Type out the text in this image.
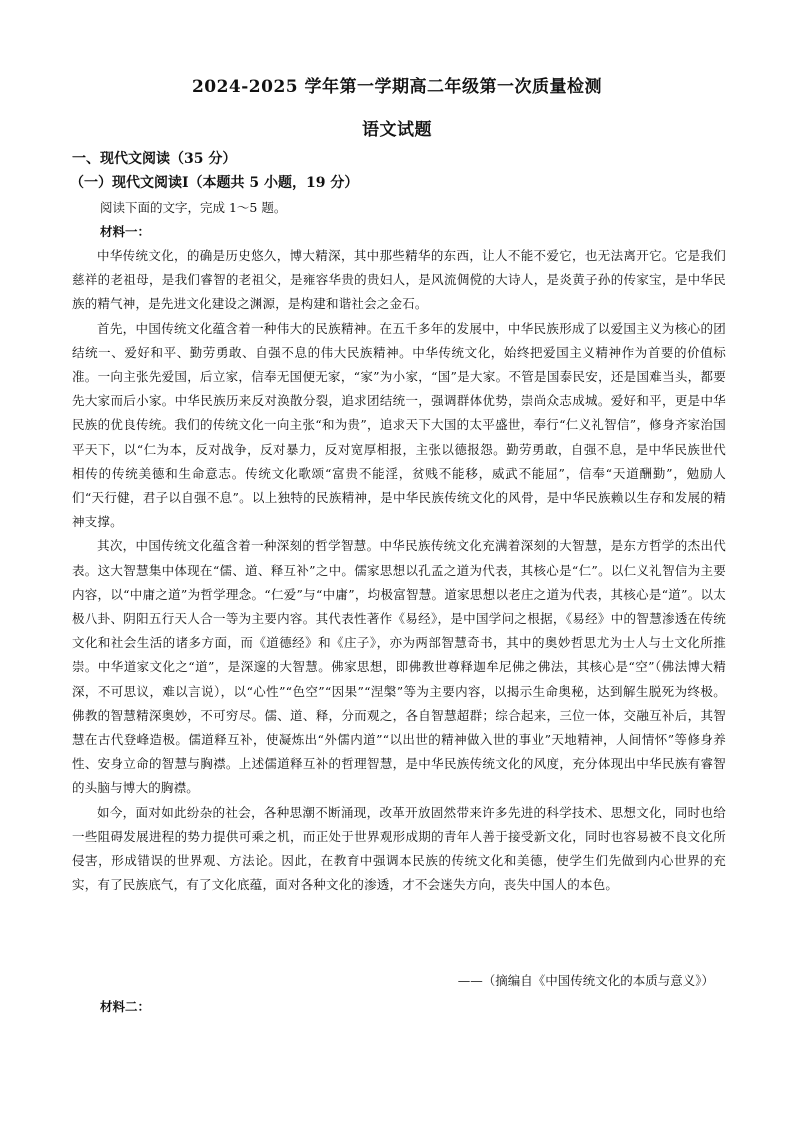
2024-2025 学年第一学期高二年级第一次质量检测
语文试题

一、现代文阅读（35 分）

（一）现代文阅读Ⅰ（本题共 5 小题，19 分）

阅读下面的文字，完成 1～5 题。

材料一：

中华传统文化，的确是历史悠久，博大精深，其中那些精华的东西，让人不能不爱它，也无法离开它。它是我们慈祥的老祖母，是我们睿智的老祖父，是雍容华贵的贵妇人，是风流倜傥的大诗人，是炎黄子孙的传家宝，是中华民族的精气神，是先进文化建设之渊源，是构建和谐社会之金石。

首先，中国传统文化蕴含着一种伟大的民族精神。在五千多年的发展中，中华民族形成了以爱国主义为核心的团结统一、爱好和平、勤劳勇敢、自强不息的伟大民族精神。中华传统文化，始终把爱国主义精神作为首要的价值标准。一向主张先爱国，后立家，信奉无国便无家，“家”为小家，“国”是大家。不管是国泰民安，还是国难当头，都要先大家而后小家。中华民族历来反对涣散分裂，追求团结统一，强调群体优势，崇尚众志成城。爱好和平，更是中华民族的优良传统。我们的传统文化一向主张“和为贵”，追求天下大国的太平盛世，奉行“仁义礼智信”，修身齐家治国平天下，以“仁为本，反对战争，反对暴力，反对宽厚相报，主张以德报怨。勤劳勇敢，自强不息，是中华民族世代相传的传统美德和生命意志。传统文化歌颂“富贵不能淫，贫贱不能移，威武不能屈”，信奉“天道酬勤”，勉励人们“天行健，君子以自强不息”。以上独特的民族精神，是中华民族传统文化的风骨，是中华民族赖以生存和发展的精神支撑。

其次，中国传统文化蕴含着一种深刻的哲学智慧。中华民族传统文化充满着深刻的大智慧，是东方哲学的杰出代表。这大智慧集中体现在“儒、道、释互补”之中。儒家思想以孔孟之道为代表，其核心是“仁”。以仁义礼智信为主要内容，以“中庸之道”为哲学理念。“仁爱”与“中庸”，均极富智慧。道家思想以老庄之道为代表，其核心是“道”。以太极八卦、阴阳五行天人合一等为主要内容。其代表性著作《易经》，是中国学问之根据，《易经》中的智慧渗透在传统文化和社会生活的诸多方面，而《道德经》和《庄子》，亦为两部智慧奇书，其中的奥妙哲思尤为士人与士文化所推崇。中华道家文化之“道”，是深邃的大智慧。佛家思想，即佛教世尊释迦牟尼佛之佛法，其核心是“空”（佛法博大精深，不可思议，难以言说），以“心性”“色空”“因果”“涅槃”等为主要内容，以揭示生命奥秘，达到解生脱死为终极。佛教的智慧精深奥妙，不可穷尽。儒、道、释，分而观之，各自智慧超群；综合起来，三位一体，交融互补后，其智慧在古代登峰造极。儒道释互补，使凝炼出“外儒内道”“以出世的精神做入世的事业”天地精神，人间情怀”等修身养性、安身立命的智慧与胸襟。上述儒道释互补的哲理智慧，是中华民族传统文化的风度，充分体现出中华民族有睿智的头脑与博大的胸襟。

如今，面对如此纷杂的社会，各种思潮不断涌现，改革开放固然带来许多先进的科学技术、思想文化，同时也给一些阻碍发展进程的势力提供可乘之机，而正处于世界观形成期的青年人善于接受新文化，同时也容易被不良文化所侵害，形成错误的世界观、方法论。因此，在教育中强调本民族的传统文化和美德，使学生们先做到内心世界的充实，有了民族底气，有了文化底蕴，面对各种文化的渗透，才不会迷失方向，丧失中国人的本色。

——（摘编自《中国传统文化的本质与意义》）

材料二：
